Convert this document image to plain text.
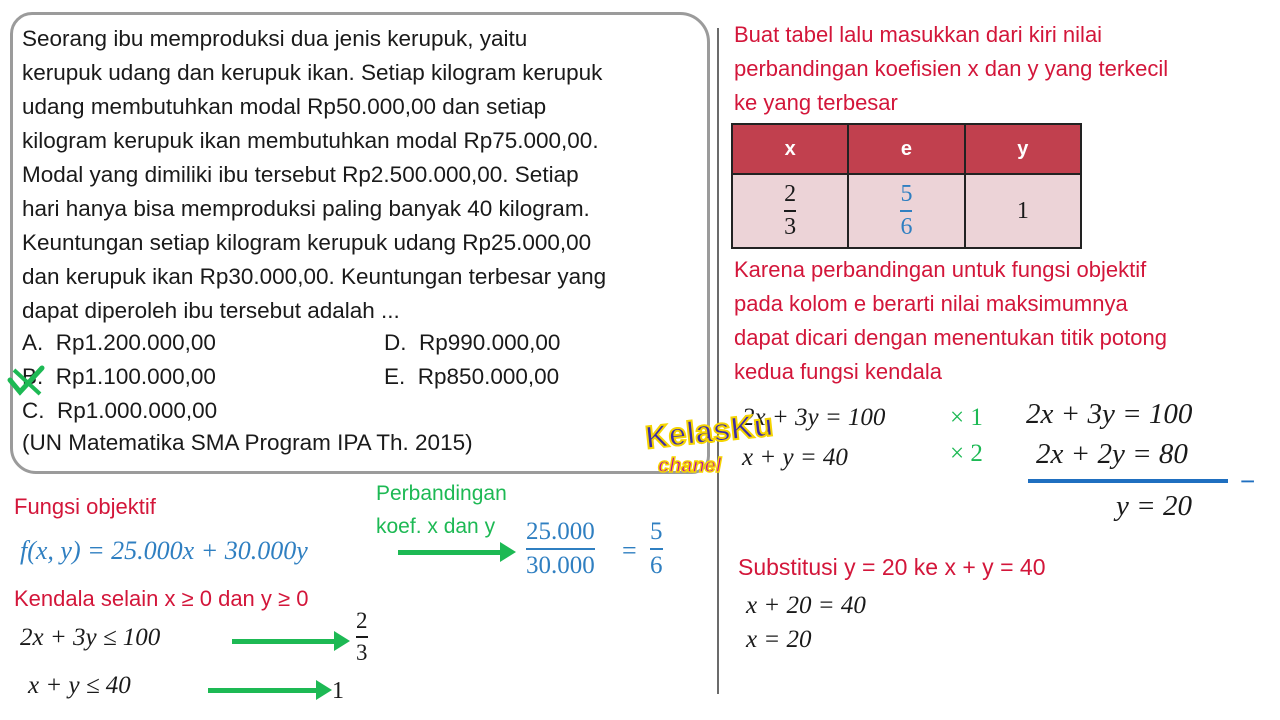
Seorang ibu memproduksi dua jenis kerupuk, yaitu

kerupuk udang dan kerupuk ikan. Setiap kilogram kerupuk

udang membutuhkan modal Rp50.000,00 dan setiap

kilogram kerupuk ikan membutuhkan modal Rp75.000,00.

Modal yang dimiliki ibu tersebut Rp2.500.000,00. Setiap

hari hanya bisa memproduksi paling banyak 40 kilogram.

Keuntungan setiap kilogram kerupuk udang Rp25.000,00

dan kerupuk ikan Rp30.000,00. Keuntungan terbesar yang

dapat diperoleh ibu tersebut adalah ...

A. Rp1.200.000,00
B. Rp1.100.000,00
C. Rp1.000.000,00
D. Rp990.000,00
E. Rp850.000,00
(UN Matematika SMA Program IPA Th. 2015)
Fungsi objektif
f(x, y) = 25.000x + 30.000y
Perbandingan
koef. x dan y 25.000
30.000
=
5
6
Kendala selain x ≥ 0 dan y ≥ 0
2x + 3y ≤ 100
2
3
x + y ≤ 40	1
Buat tabel lalu masukkan dari kiri nilai
perbandingan koefisien x dan y yang terkecil
ke yang terbesar
x	e	y

$\frac{2}{3}$	$\frac{5}{6}$	1
Karena perbandingan untuk fungsi objektif
pada kolom e berarti nilai maksimumnya
dapat dicari dengan menentukan titik potong
kedua fungsi kendala
2x + 3y = 100
x + y = 40
× 1
× 2
2x + 3y = 100
2x + 2y = 80
−
y = 20
Substitusi y = 20 ke x + y = 40
x + 20 = 40
x = 20
KelasKu
chanel
